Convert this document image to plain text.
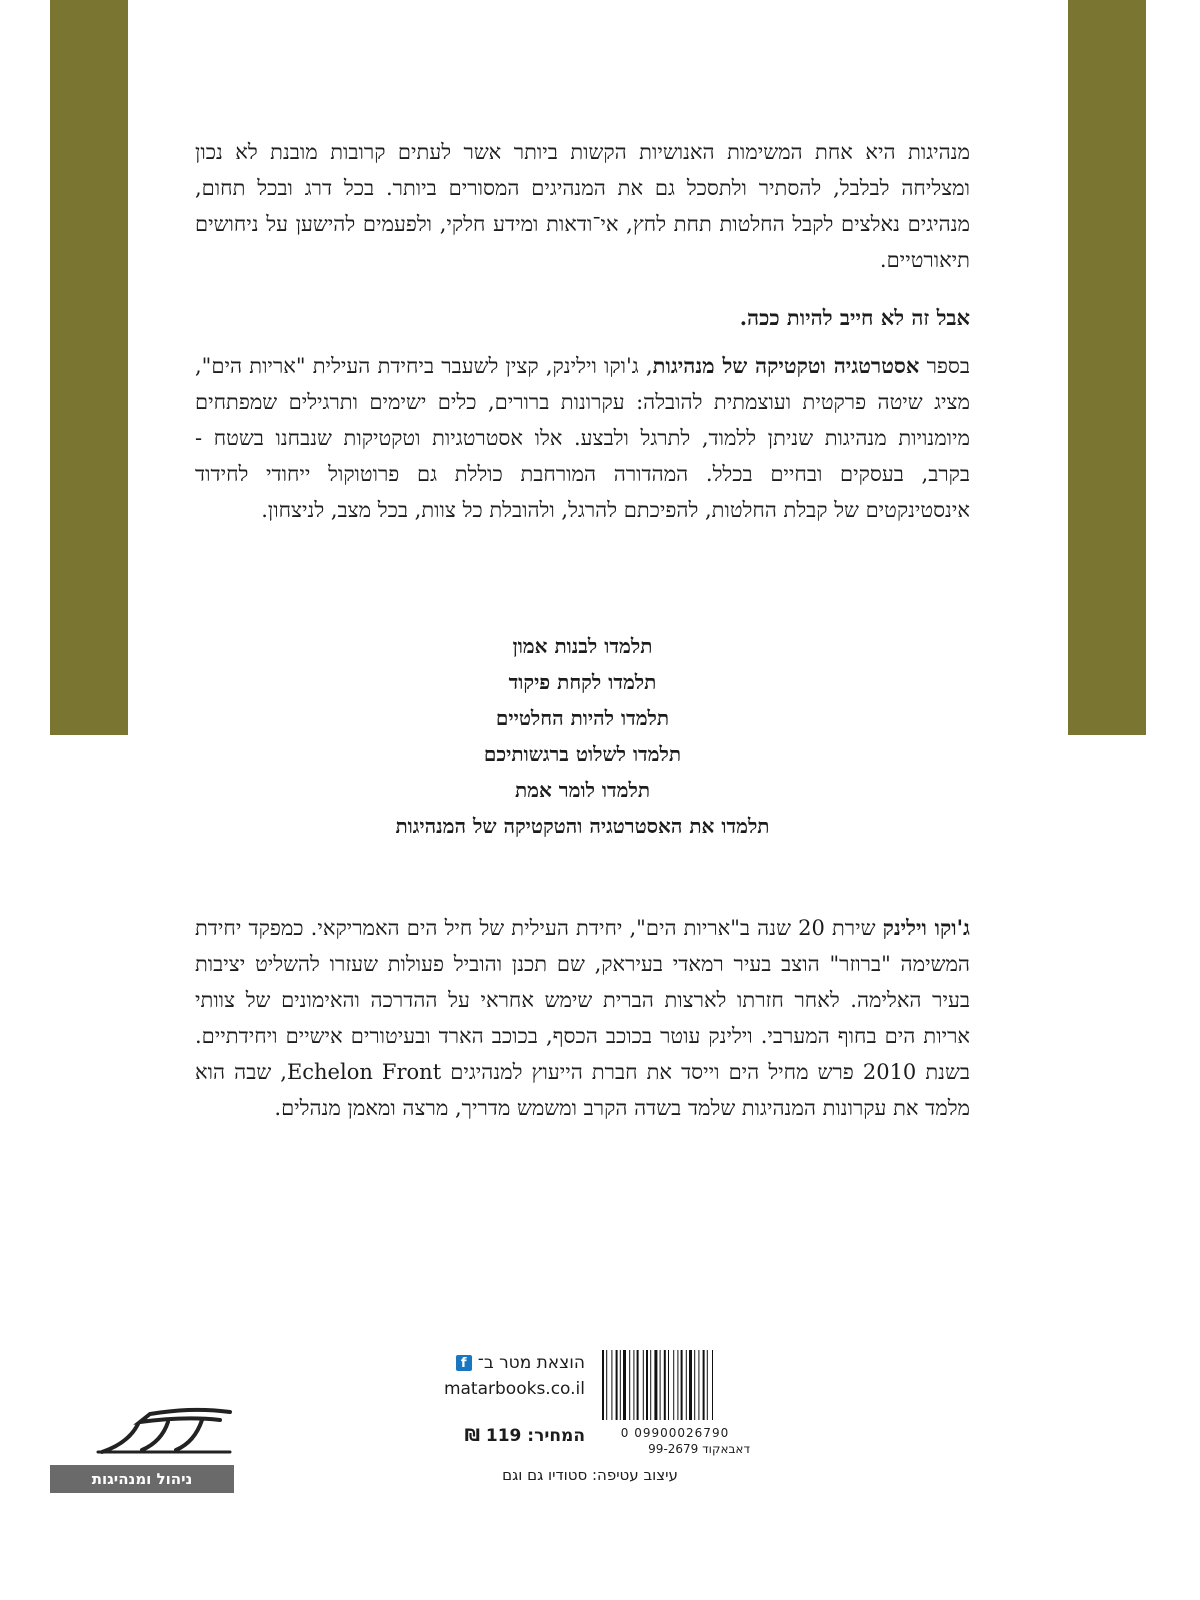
מנהיגות היא אחת המשימות האנושיות הקשות ביותר אשר לעתים קרובות מובנת לא נכון ומצליחה לבלבל, להסתיר ולתסכל גם את המנהיגים המסורים ביותר. בכל דרג ובכל תחום, מנהיגים נאלצים לקבל החלטות תחת לחץ, אי־ודאות ומידע חלקי, ולפעמים להישען על ניחושים תיאורטיים.

אבל זה לא חייב להיות ככה.

בספר אסטרטגיה וטקטיקה של מנהיגות, ג'וקו וילינק, קצין לשעבר ביחידת העילית "אריות הים", מציג שיטה פרקטית ועוצמתית להובלה: עקרונות ברורים, כלים ישימים ותרגילים שמפתחים מיומנויות מנהיגות שניתן ללמוד, לתרגל ולבצע. אלו אסטרטגיות וטקטיקות שנבחנו בשטח - בקרב, בעסקים ובחיים בכלל. המהדורה המורחבת כוללת גם פרוטוקול ייחודי לחידוד אינסטינקטים של קבלת החלטות, להפיכתם להרגל, ולהובלת כל צוות, בכל מצב, לניצחון.

תלמדו לבנות אמון
תלמדו לקחת פיקוד
תלמדו להיות החלטיים
תלמדו לשלוט ברגשותיכם
תלמדו לומר אמת
תלמדו את האסטרטגיה והטקטיקה של המנהיגות

ג'וקו וילינק שירת 20 שנה ב"אריות הים", יחידת העילית של חיל הים האמריקאי. כמפקד יחידת המשימה "ברוזר" הוצב בעיר רמאדי בעיראק, שם תכנן והוביל פעולות שעזרו להשליט יציבות בעיר האלימה. לאחר חזרתו לארצות הברית שימש אחראי על ההדרכה והאימונים של צוותי אריות הים בחוף המערבי. וילינק עוטר בכוכב הכסף, בכוכב הארד ובעיטורים אישיים ויחידתיים. בשנת 2010 פרש מחיל הים וייסד את חברת הייעוץ למנהיגים Echelon Front, שבה הוא מלמד את עקרונות המנהיגות שלמד בשדה הקרב ומשמש מדריך, מרצה ומאמן מנהלים.

0 09900026790
דאבאקוד 99-2679
הוצאת מטר ב־
f
matarbooks.co.il
המחיר: 119 ₪
עיצוב עטיפה: סטודיו גם וגם
ניהול ומנהיגות
